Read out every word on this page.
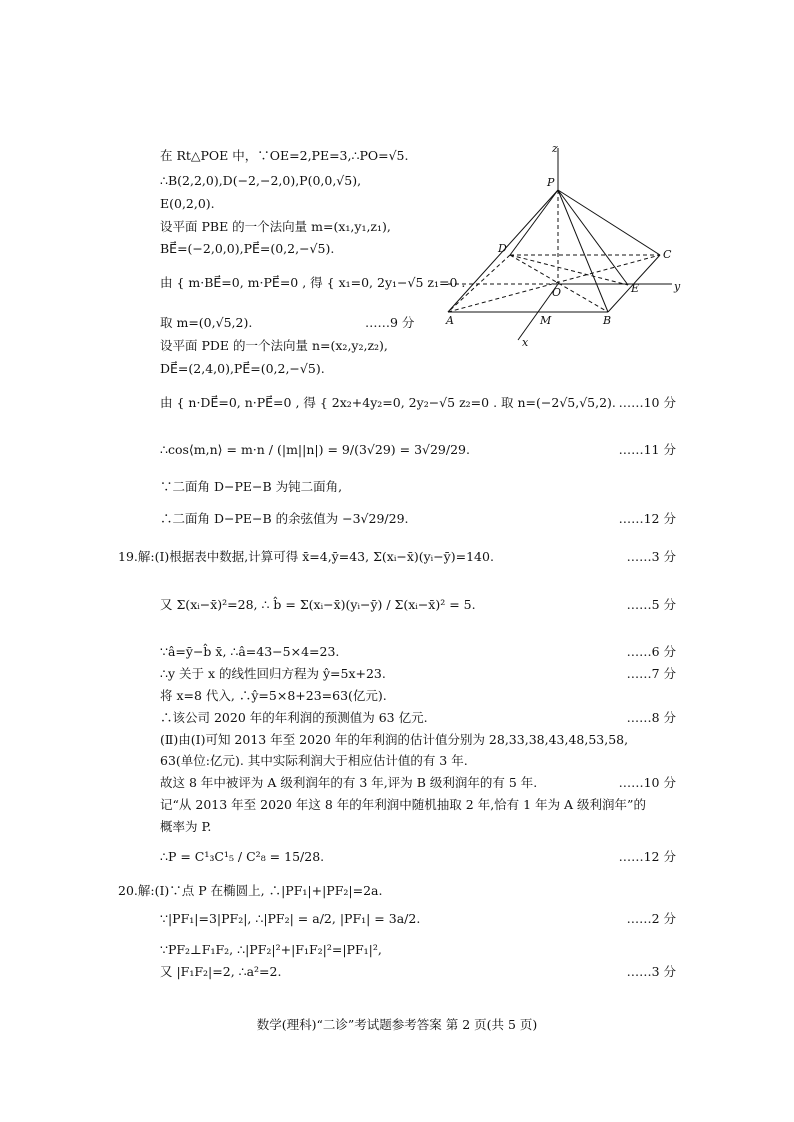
在 Rt△POE 中，∵OE=2,PE=3,∴PO=√5.
∴B(2,2,0),D(−2,−2,0),P(0,0,√5),
E(0,2,0).
设平面 PBE 的一个法向量 m=(x₁,y₁,z₁),
BE⃗=(−2,0,0),PE⃗=(0,2,−√5).
由 { m·BE⃗=0, m·PE⃗=0 , 得 { x₁=0, 2y₁−√5 z₁=0 .
取 m=(0,√5,2).	……9 分
设平面 PDE 的一个法向量 n=(x₂,y₂,z₂),
DE⃗=(2,4,0),PE⃗=(0,2,−√5).
由 { n·DE⃗=0, n·PE⃗=0 , 得 { 2x₂+4y₂=0, 2y₂−√5 z₂=0 . 取 n=(−2√5,√5,2). ……10 分
∴cos⟨m,n⟩ = m·n / (|m||n|) = 9/(3√29) = 3√29/29.	……11 分
∵二面角 D−PE−B 为钝二面角,
∴二面角 D−PE−B 的余弦值为 −3√29/29.	……12 分
z
P
D	C
O	E	y
A	M	B
x
19.解:(Ⅰ)根据表中数据,计算可得 x̄=4,ȳ=43, Σ(xᵢ−x̄)(yᵢ−ȳ)=140.	……3 分
又 Σ(xᵢ−x̄)²=28, ∴ b̂ = Σ(xᵢ−x̄)(yᵢ−ȳ) / Σ(xᵢ−x̄)² = 5.	……5 分
∵â=ȳ−b̂ x̄, ∴â=43−5×4=23.	……6 分
∴y 关于 x 的线性回归方程为 ŷ=5x+23.	……7 分
将 x=8 代入, ∴ŷ=5×8+23=63(亿元).
∴该公司 2020 年的年利润的预测值为 63 亿元.	……8 分
(Ⅱ)由(Ⅰ)可知 2013 年至 2020 年的年利润的估计值分别为 28,33,38,43,48,53,58,
63(单位:亿元). 其中实际利润大于相应估计值的有 3 年.
故这 8 年中被评为 A 级利润年的有 3 年,评为 B 级利润年的有 5 年.	……10 分
记“从 2013 年至 2020 年这 8 年的年利润中随机抽取 2 年,恰有 1 年为 A 级利润年”的
概率为 P.
∴P = C¹₃C¹₅ / C²₈ = 15/28.	……12 分
20.解:(Ⅰ)∵点 P 在椭圆上, ∴|PF₁|+|PF₂|=2a.
∵|PF₁|=3|PF₂|, ∴|PF₂| = a/2, |PF₁| = 3a/2.	……2 分
∵PF₂⊥F₁F₂, ∴|PF₂|²+|F₁F₂|²=|PF₁|²,
又 |F₁F₂|=2, ∴a²=2.	……3 分
数学(理科)“二诊”考试题参考答案 第 2 页(共 5 页)
